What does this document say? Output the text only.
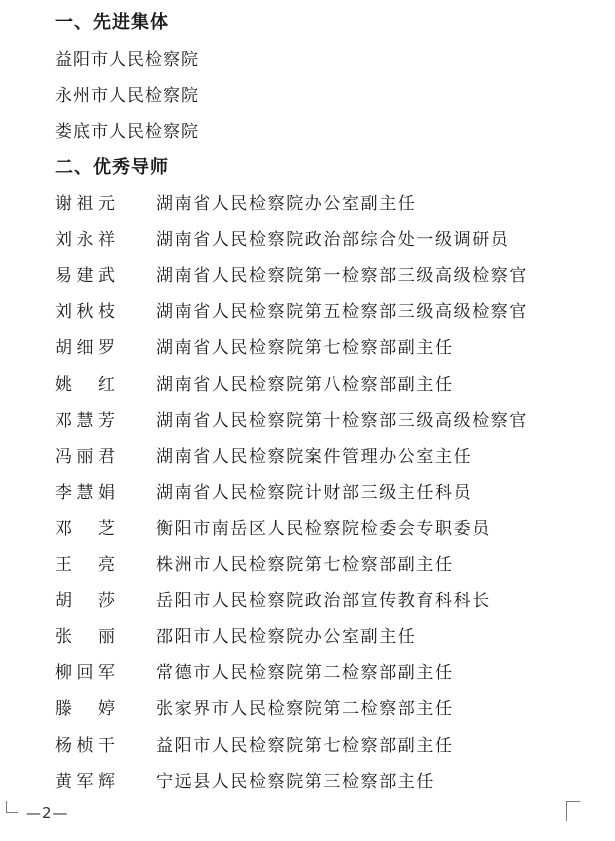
一、先进集体
益阳市人民检察院
永州市人民检察院
娄底市人民检察院
二、优秀导师
谢 祖 元 湖南省人民检察院办公室副主任
刘 永 祥 湖南省人民检察院政治部综合处一级调研员
易 建 武 湖南省人民检察院第一检察部三级高级检察官
刘 秋 枝 湖南省人民检察院第五检察部三级高级检察官
胡 细 罗 湖南省人民检察院第七检察部副主任
姚 红 湖南省人民检察院第八检察部副主任
邓 慧 芳 湖南省人民检察院第十检察部三级高级检察官
冯 丽 君 湖南省人民检察院案件管理办公室主任
李 慧 娟 湖南省人民检察院计财部三级主任科员
邓 芝 衡阳市南岳区人民检察院检委会专职委员
王 亮 株洲市人民检察院第七检察部副主任
胡 莎 岳阳市人民检察院政治部宣传教育科科长
张 丽 邵阳市人民检察院办公室副主任
柳 回 军 常德市人民检察院第二检察部副主任
滕 婷 张家界市人民检察院第二检察部主任
杨 桢 干 益阳市人民检察院第七检察部副主任
黄 军 辉 宁远县人民检察院第三检察部主任
—2—
